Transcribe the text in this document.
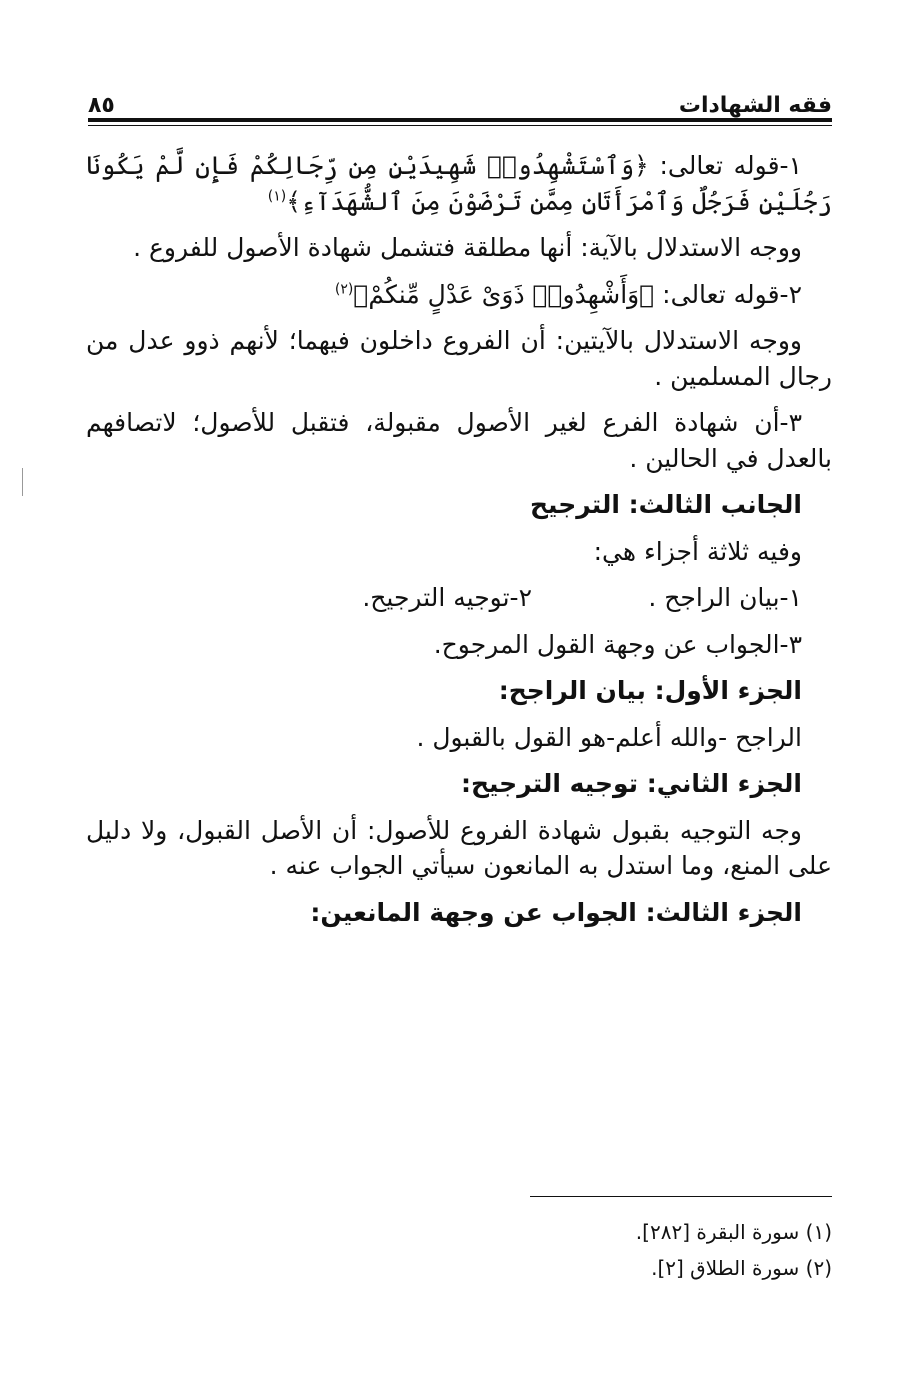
فقه الشهادات
٨٥

١-قوله تعالى: ﴿وَٱسْتَشْهِدُوا۟ شَهِيدَيْنِ مِن رِّجَالِكُمْ فَإِن لَّمْ يَكُونَا رَجُلَيْنِ فَرَجُلٌ وَٱمْرَأَتَانِ مِمَّن تَرْضَوْنَ مِنَ ٱلشُّهَدَآءِ﴾$^{(١)}$

ووجه الاستدلال بالآية: أنها مطلقة فتشمل شهادة الأصول للفروع .

٢-قوله تعالى: ﴿وَأَشْهِدُوا۟ ذَوَىْ عَدْلٍ مِّنكُمْ﴾$^{(٢)}$

ووجه الاستدلال بالآيتين: أن الفروع داخلون فيهما؛ لأنهم ذوو عدل من رجال المسلمين .

٣-أن شهادة الفرع لغير الأصول مقبولة، فتقبل للأصول؛ لاتصافهم بالعدل في الحالين .

الجانب الثالث: الترجيح

وفيه ثلاثة أجزاء هي:

١-بيان الراجح .
٢-توجيه الترجيح.

٣-الجواب عن وجهة القول المرجوح.

الجزء الأول: بيان الراجح:

الراجح -والله أعلم-هو القول بالقبول .

الجزء الثاني: توجيه الترجيح:

وجه التوجيه بقبول شهادة الفروع للأصول: أن الأصل القبول، ولا دليل على المنع، وما استدل به المانعون سيأتي الجواب عنه .

الجزء الثالث: الجواب عن وجهة المانعين:
(١) سورة البقرة [٢٨٢].
(٢) سورة الطلاق [٢].
